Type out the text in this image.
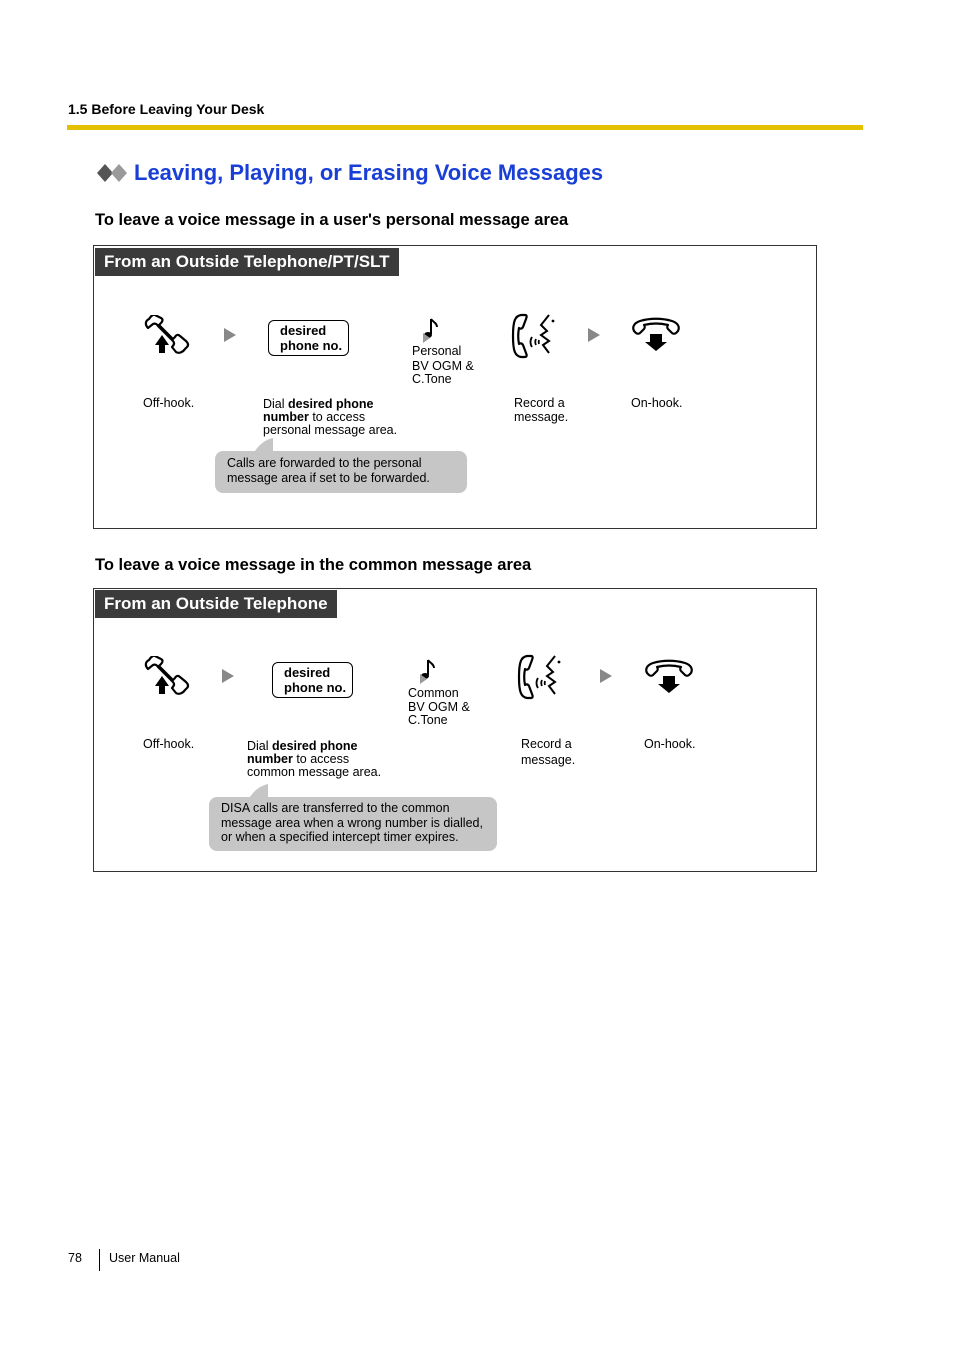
1.5 Before Leaving Your Desk
Leaving, Playing, or Erasing Voice Messages
To leave a voice message in a user's personal message area
From an Outside Telephone/PT/SLT
desired
phone no.	Personal
BV OGM &
C.Tone
Off-hook.	Dial desired phone
number to access
personal message area.
Record a
message.
On-hook.
Calls are forwarded to the personal
message area if set to be forwarded.
To leave a voice message in the common message area
From an Outside Telephone
desired
phone no.	Common
BV OGM &
C.Tone
Off-hook.	Dial desired phone
number to access
common message area.
Record a
message.
On-hook.
DISA calls are transferred to the common
message area when a wrong number is dialled,
or when a specified intercept timer expires.
78 User Manual
